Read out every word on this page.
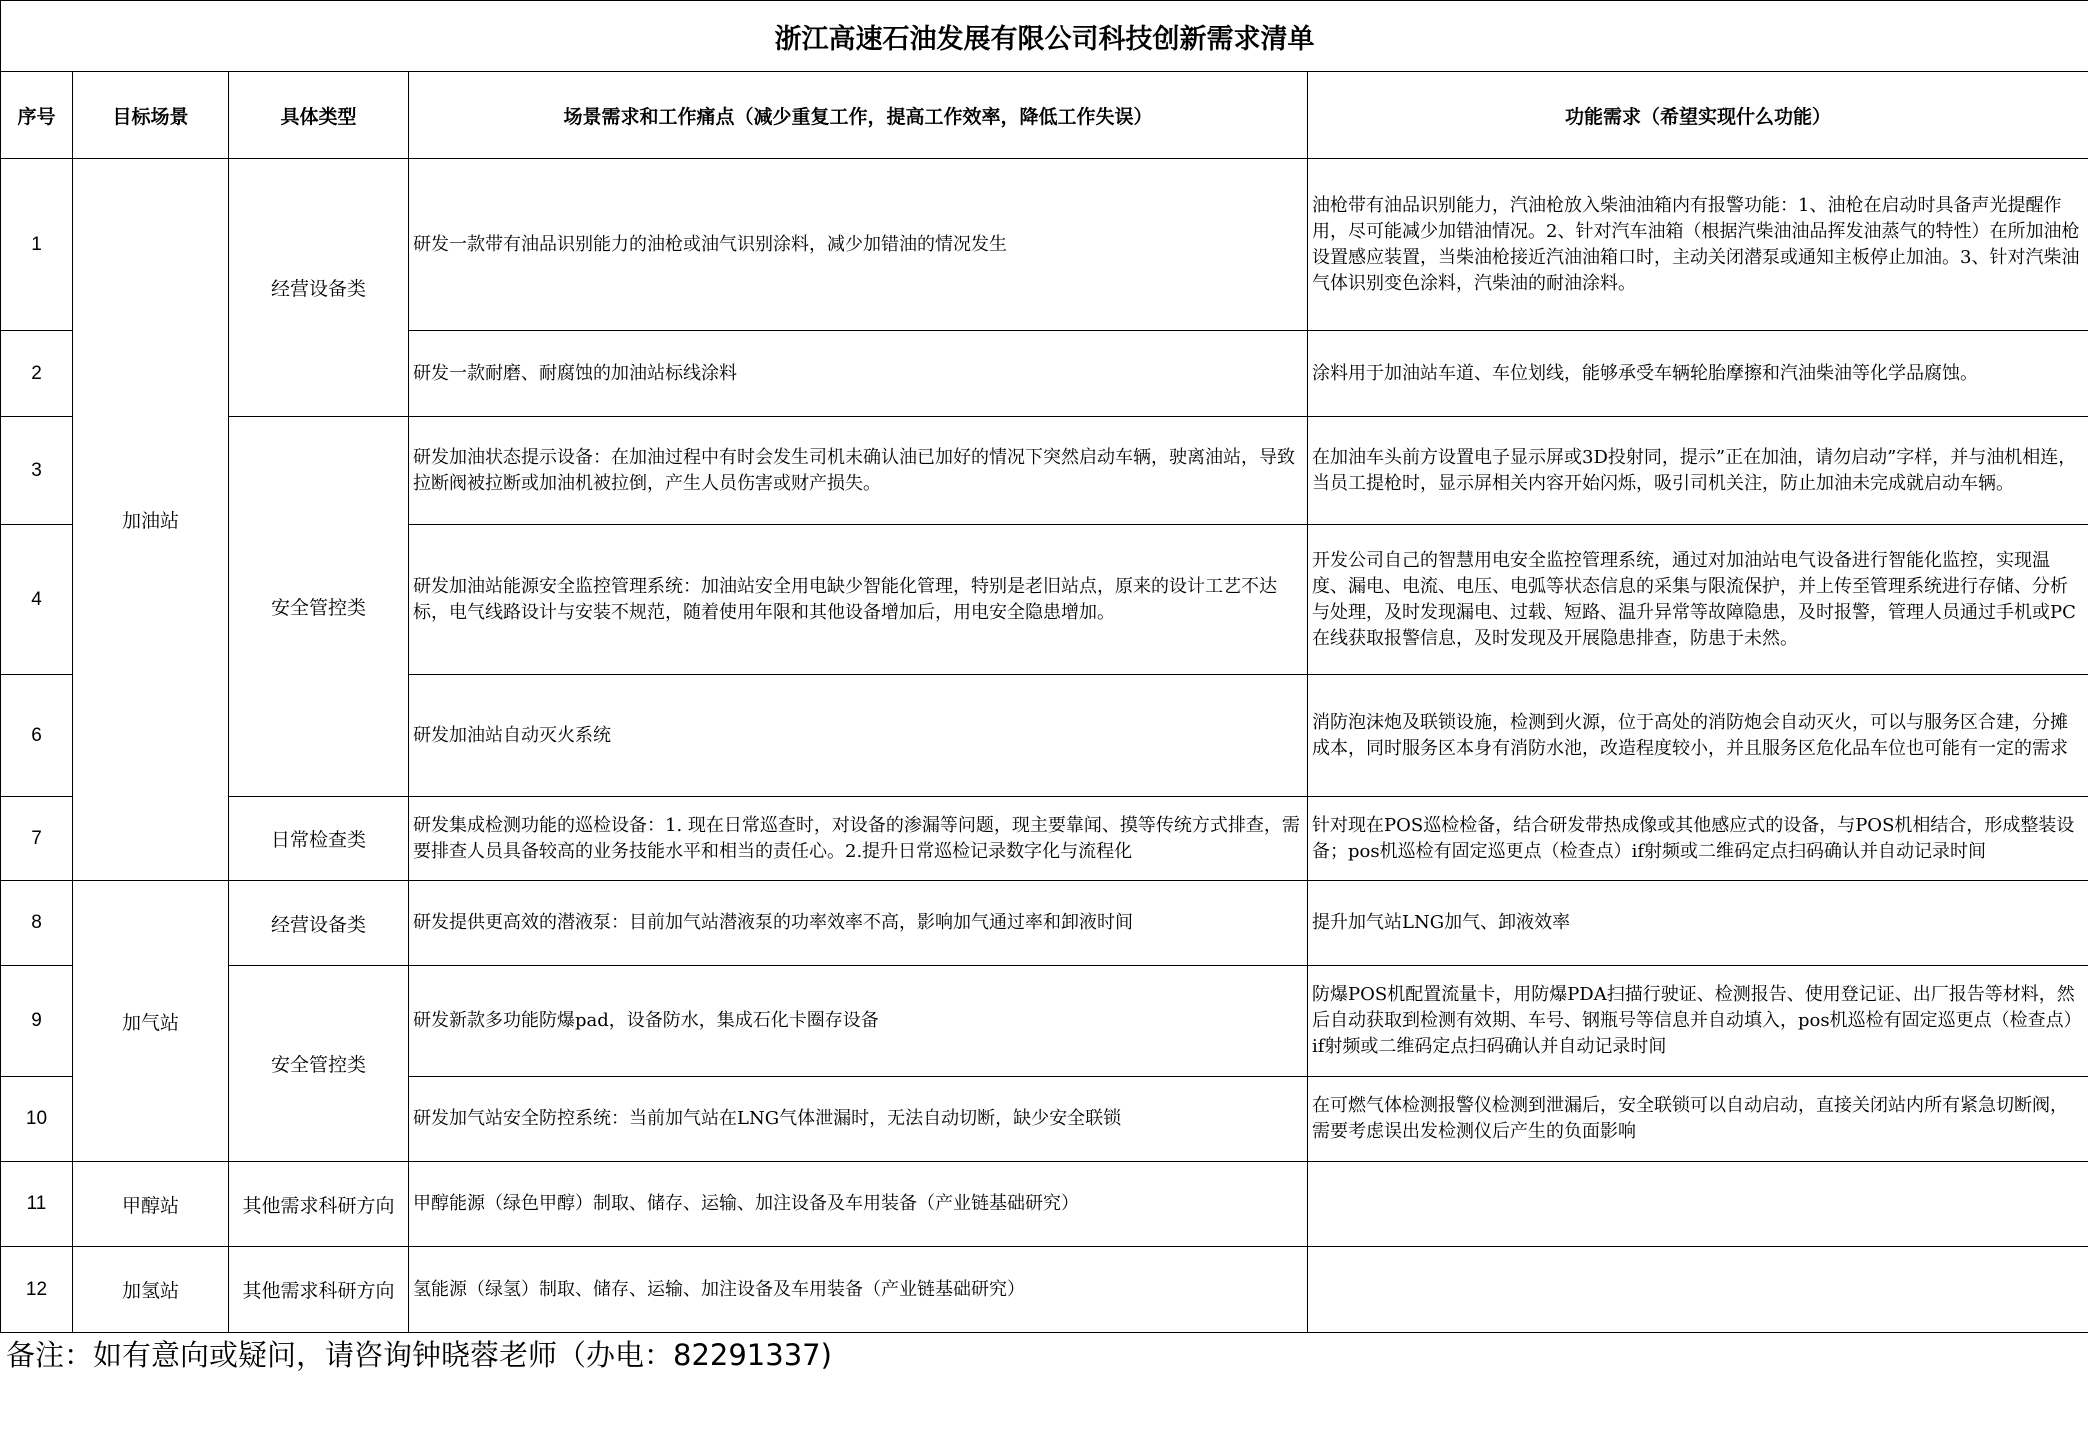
浙江高速石油发展有限公司科技创新需求清单				
序号	目标场景	具体类型	场景需求和工作痛点（减少重复工作，提高工作效率，降低工作失误）	功能需求（希望实现什么功能）
1	加油站	经营设备类	研发一款带有油品识别能力的油枪或油气识别涂料，减少加错油的情况发生	油枪带有油品识别能力，汽油枪放入柴油油箱内有报警功能：1、油枪在启动时具备声光提醒作用，尽可能减少加错油情况。2、针对汽车油箱（根据汽柴油油品挥发油蒸气的特性）在所加油枪设置感应装置，当柴油枪接近汽油油箱口时，主动关闭潜泵或通知主板停止加油。3、针对汽柴油气体识别变色涂料，汽柴油的耐油涂料。
2			研发一款耐磨、耐腐蚀的加油站标线涂料	涂料用于加油站车道、车位划线，能够承受车辆轮胎摩擦和汽油柴油等化学品腐蚀。
3		安全管控类	研发加油状态提示设备：在加油过程中有时会发生司机未确认油已加好的情况下突然启动车辆，驶离油站，导致拉断阀被拉断或加油机被拉倒，产生人员伤害或财产损失。	在加油车头前方设置电子显示屏或3D投射同，提示”正在加油，请勿启动”字样，并与油机相连，当员工提枪时，显示屏相关内容开始闪烁，吸引司机关注，防止加油未完成就启动车辆。
4			研发加油站能源安全监控管理系统：加油站安全用电缺少智能化管理，特别是老旧站点，原来的设计工艺不达标，电气线路设计与安装不规范，随着使用年限和其他设备增加后，用电安全隐患增加。	开发公司自己的智慧用电安全监控管理系统，通过对加油站电气设备进行智能化监控，实现温度、漏电、电流、电压、电弧等状态信息的采集与限流保护，并上传至管理系统进行存储、分析与处理，及时发现漏电、过载、短路、温升异常等故障隐患，及时报警，管理人员通过手机或PC在线获取报警信息，及时发现及开展隐患排查，防患于未然。
6			研发加油站自动灭火系统	消防泡沫炮及联锁设施，检测到火源，位于高处的消防炮会自动灭火，可以与服务区合建，分摊成本，同时服务区本身有消防水池，改造程度较小，并且服务区危化品车位也可能有一定的需求
7		日常检查类	研发集成检测功能的巡检设备：1. 现在日常巡查时，对设备的渗漏等问题，现主要靠闻、摸等传统方式排查，需要排查人员具备较高的业务技能水平和相当的责任心。2.提升日常巡检记录数字化与流程化	针对现在POS巡检检备，结合研发带热成像或其他感应式的设备，与POS机相结合，形成整装设备；pos机巡检有固定巡更点（检查点）if射频或二维码定点扫码确认并自动记录时间
8	加气站	经营设备类	研发提供更高效的潜液泵：目前加气站潜液泵的功率效率不高，影响加气通过率和卸液时间	提升加气站LNG加气、卸液效率
9		安全管控类	研发新款多功能防爆pad，设备防水，集成石化卡圈存设备	防爆POS机配置流量卡，用防爆PDA扫描行驶证、检测报告、使用登记证、出厂报告等材料，然后自动获取到检测有效期、车号、钢瓶号等信息并自动填入，pos机巡检有固定巡更点（检查点）if射频或二维码定点扫码确认并自动记录时间
10			研发加气站安全防控系统：当前加气站在LNG气体泄漏时，无法自动切断，缺少安全联锁	在可燃气体检测报警仪检测到泄漏后，安全联锁可以自动启动，直接关闭站内所有紧急切断阀，需要考虑误出发检测仪后产生的负面影响
11	甲醇站	其他需求科研方向	甲醇能源（绿色甲醇）制取、储存、运输、加注设备及车用装备（产业链基础研究）	
12	加氢站	其他需求科研方向	氢能源（绿氢）制取、储存、运输、加注设备及车用装备（产业链基础研究）	
备注：如有意向或疑问，请咨询钟晓蓉老师（办电：82291337)
